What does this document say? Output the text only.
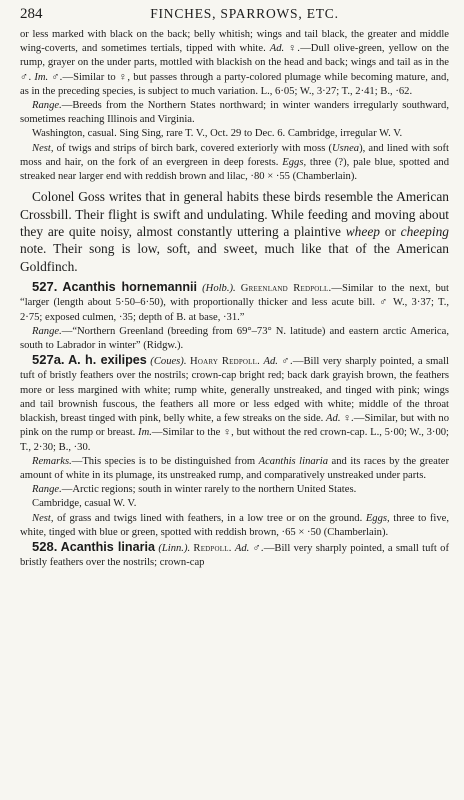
284	FINCHES, SPARROWS, ETC.

or less marked with black on the back; belly whitish; wings and tail black, the greater and middle wing-coverts, and sometimes tertials, tipped with white. Ad. ♀.—Dull olive-green, yellow on the rump, grayer on the under parts, mottled with blackish on the head and back; wings and tail as in the ♂. Im. ♂.—Similar to ♀, but passes through a party-colored plumage while becoming mature, and, as in the preceding species, is subject to much variation. L., 6·05; W., 3·27; T., 2·41; B., ·62.

Range.—Breeds from the Northern States northward; in winter wanders irregularly southward, sometimes reaching Illinois and Virginia.

Washington, casual. Sing Sing, rare T. V., Oct. 29 to Dec. 6. Cambridge, irregular W. V.

Nest, of twigs and strips of birch bark, covered exteriorly with moss (Usnea), and lined with soft moss and hair, on the fork of an evergreen in deep forests. Eggs, three (?), pale blue, spotted and streaked near larger end with reddish brown and lilac, ·80 × ·55 (Chamberlain).

Colonel Goss writes that in general habits these birds resemble the American Crossbill. Their flight is swift and undulating. While feeding and moving about they are quite noisy, almost constantly uttering a plaintive wheep or cheeping note. Their song is low, soft, and sweet, much like that of the American Goldfinch.

527. Acanthis hornemannii (Holb.). Greenland Redpoll.—Similar to the next, but “larger (length about 5·50–6·50), with proportionally thicker and less acute bill. ♂ W., 3·37; T., 2·75; exposed culmen, ·35; depth of B. at base, ·31.”

Range.—“Northern Greenland (breeding from 69°–73° N. latitude) and eastern arctic America, south to Labrador in winter” (Ridgw.).

527a. A. h. exilipes (Coues). Hoary Redpoll. Ad. ♂.—Bill very sharply pointed, a small tuft of bristly feathers over the nostrils; crown-cap bright red; back dark grayish brown, the feathers more or less margined with white; rump white, generally unstreaked, and tinged with pink; wings and tail brownish fuscous, the feathers all more or less edged with white; middle of the throat blackish, breast tinged with pink, belly white, a few streaks on the side. Ad. ♀.—Similar, but with no pink on the rump or breast. Im.—Similar to the ♀, but without the red crown-cap. L., 5·00; W., 3·00; T., 2·30; B., ·30.

Remarks.—This species is to be distinguished from Acanthis linaria and its races by the greater amount of white in its plumage, its unstreaked rump, and comparatively unstreaked under parts.

Range.—Arctic regions; south in winter rarely to the northern United States.

Cambridge, casual W. V.

Nest, of grass and twigs lined with feathers, in a low tree or on the ground. Eggs, three to five, white, tinged with blue or green, spotted with reddish brown, ·65 × ·50 (Chamberlain).

528. Acanthis linaria (Linn.). Redpoll. Ad. ♂.—Bill very sharply pointed, a small tuft of bristly feathers over the nostrils; crown-cap
